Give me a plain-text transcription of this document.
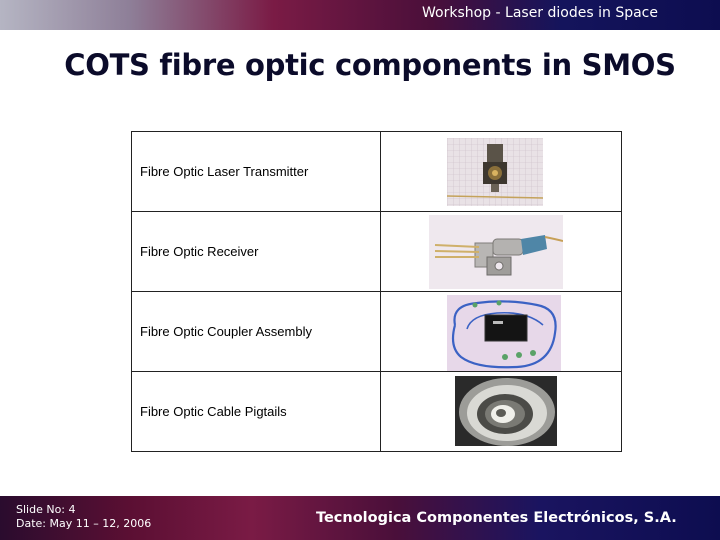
Workshop - Laser diodes in Space
COTS fibre optic components in SMOS
Fibre Optic Laser Transmitter	

Fibre Optic Receiver	

Fibre Optic Coupler Assembly	

Fibre Optic Cable Pigtails	
Slide No: 4
Date: May 11 – 12, 2006	Tecnologica Componentes Electrónicos, S.A.
